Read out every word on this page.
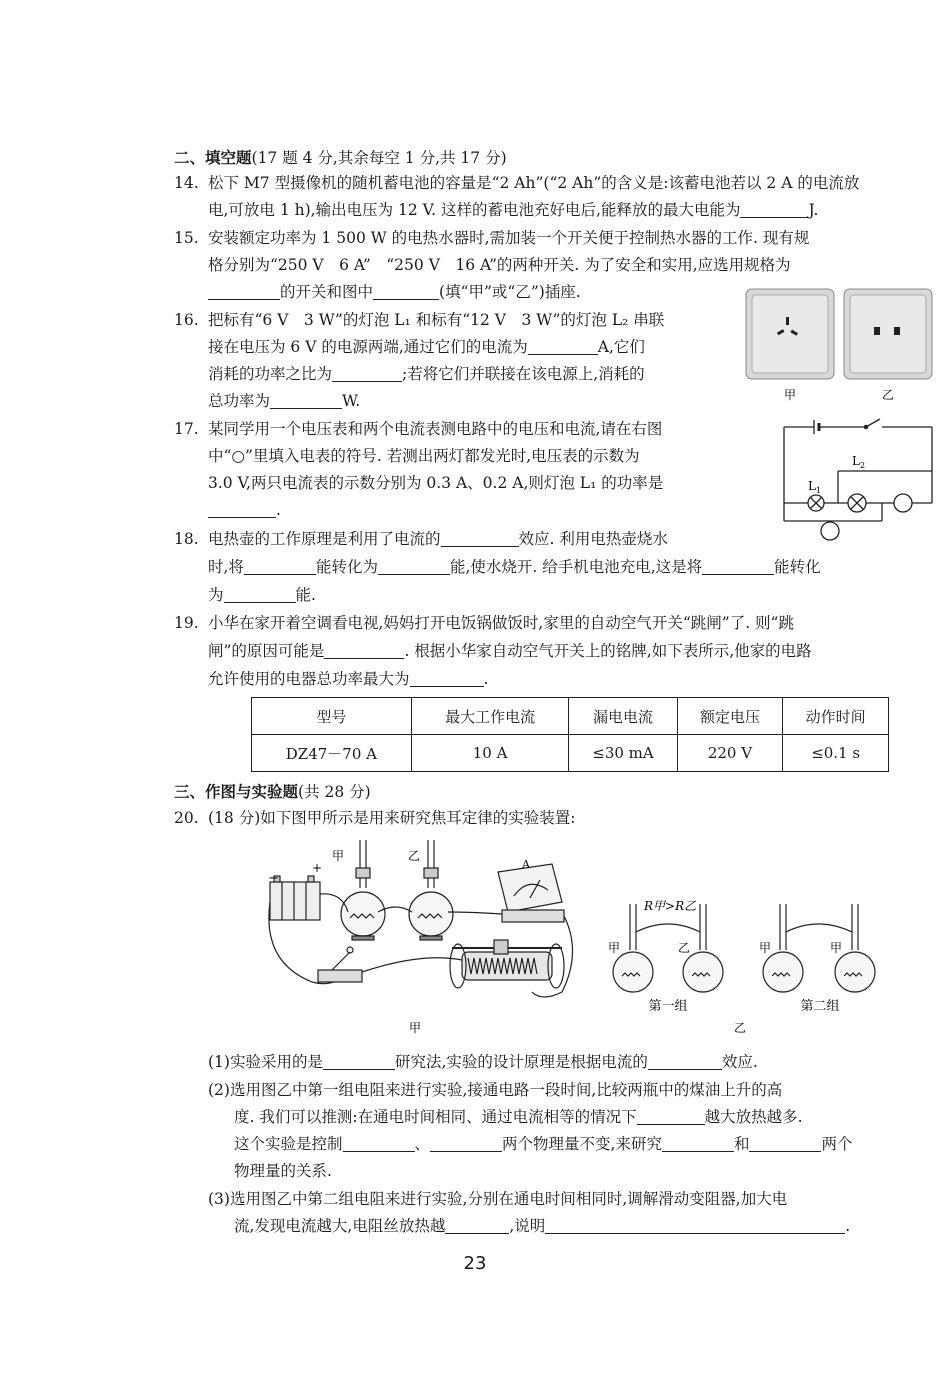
二、填空题(17 题 4 分,其余每空 1 分,共 17 分)
14. 松下 M7 型摄像机的随机蓄电池的容量是“2 Ah”(“2 Ah”的含义是:该蓄电池若以 2 A 的电流放
电,可放电 1 h),输出电压为 12 V. 这样的蓄电池充好电后,能释放的最大电能为	J.
15. 安装额定功率为 1 500 W 的电热水器时,需加装一个开关便于控制热水器的工作. 现有规
格分别为“250 V　6 A”　“250 V　16 A”的两种开关. 为了安全和实用,应选用规格为
的开关和图中	(填“甲”或“乙”)插座.
16. 把标有“6 V　3 W”的灯泡 L₁ 和标有“12 V　3 W”的灯泡 L₂ 串联
接在电压为 6 V 的电源两端,通过它们的电流为	A,它们
消耗的功率之比为	;若将它们并联接在该电源上,消耗的
总功率为	W.	甲	乙
17. 某同学用一个电压表和两个电流表测电路中的电压和电流,请在右图
中“○”里填入电表的符号. 若测出两灯都发光时,电压表的示数为
3.0 V,两只电流表的示数分别为 0.3 A、0.2 A,则灯泡 L₁ 的功率是
.
$L_2$
$L_1$
18. 电热壶的工作原理是利用了电流的	效应. 利用电热壶烧水
时,将	能转化为	能,使水烧开. 给手机电池充电,这是将	能转化
为	能.
19. 小华在家开着空调看电视,妈妈打开电饭锅做饭时,家里的自动空气开关“跳闸”了. 则“跳
闸”的原因可能是	. 根据小华家自动空气开关上的铭牌,如下表所示,他家的电路
允许使用的电器总功率最大为	.
型号	最大工作电流	漏电电流	额定电压	动作时间
DZ47－70 A	10 A	≤30 mA	220 V	≤0.1 s
三、作图与实验题(共 28 分)
20. (18 分)如下图甲所示是用来研究焦耳定律的实验装置:
−
+
甲	乙
A
R甲>R乙
甲	乙	甲	甲
第一组	第二组
甲	乙
(1)实验采用的是	研究法,实验的设计原理是根据电流的	效应.
(2)选用图乙中第一组电阻来进行实验,接通电路一段时间,比较两瓶中的煤油上升的高
度. 我们可以推测:在通电时间相同、通过电流相等的情况下	越大放热越多.
这个实验是控制	、	两个物理量不变,来研究	和	两个
物理量的关系.
(3)选用图乙中第二组电阻来进行实验,分别在通电时间相同时,调解滑动变阻器,加大电
流,发现电流越大,电阻丝放热越	,说明	.
23
